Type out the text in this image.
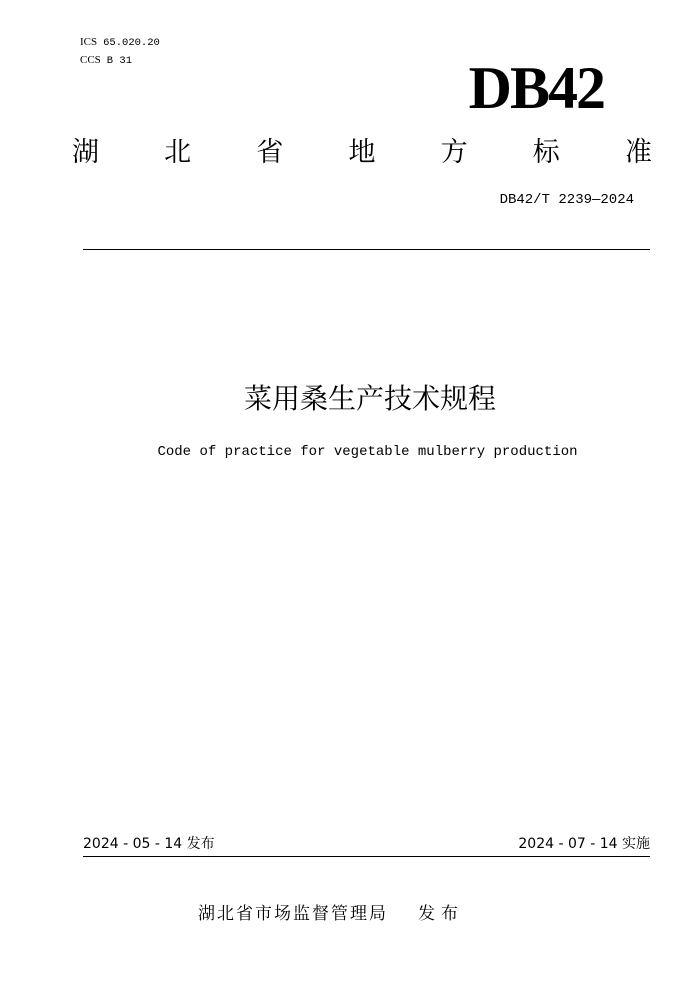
ICS 65.020.20
CCS B 31	DB42
湖 北 省 地 方 标 准
DB42/T 2239—2024
菜用桑生产技术规程
Code of practice for vegetable mulberry production
2024 - 05 - 14 发布	2024 - 07 - 14 实施
湖北省市场监督管理局 发布
